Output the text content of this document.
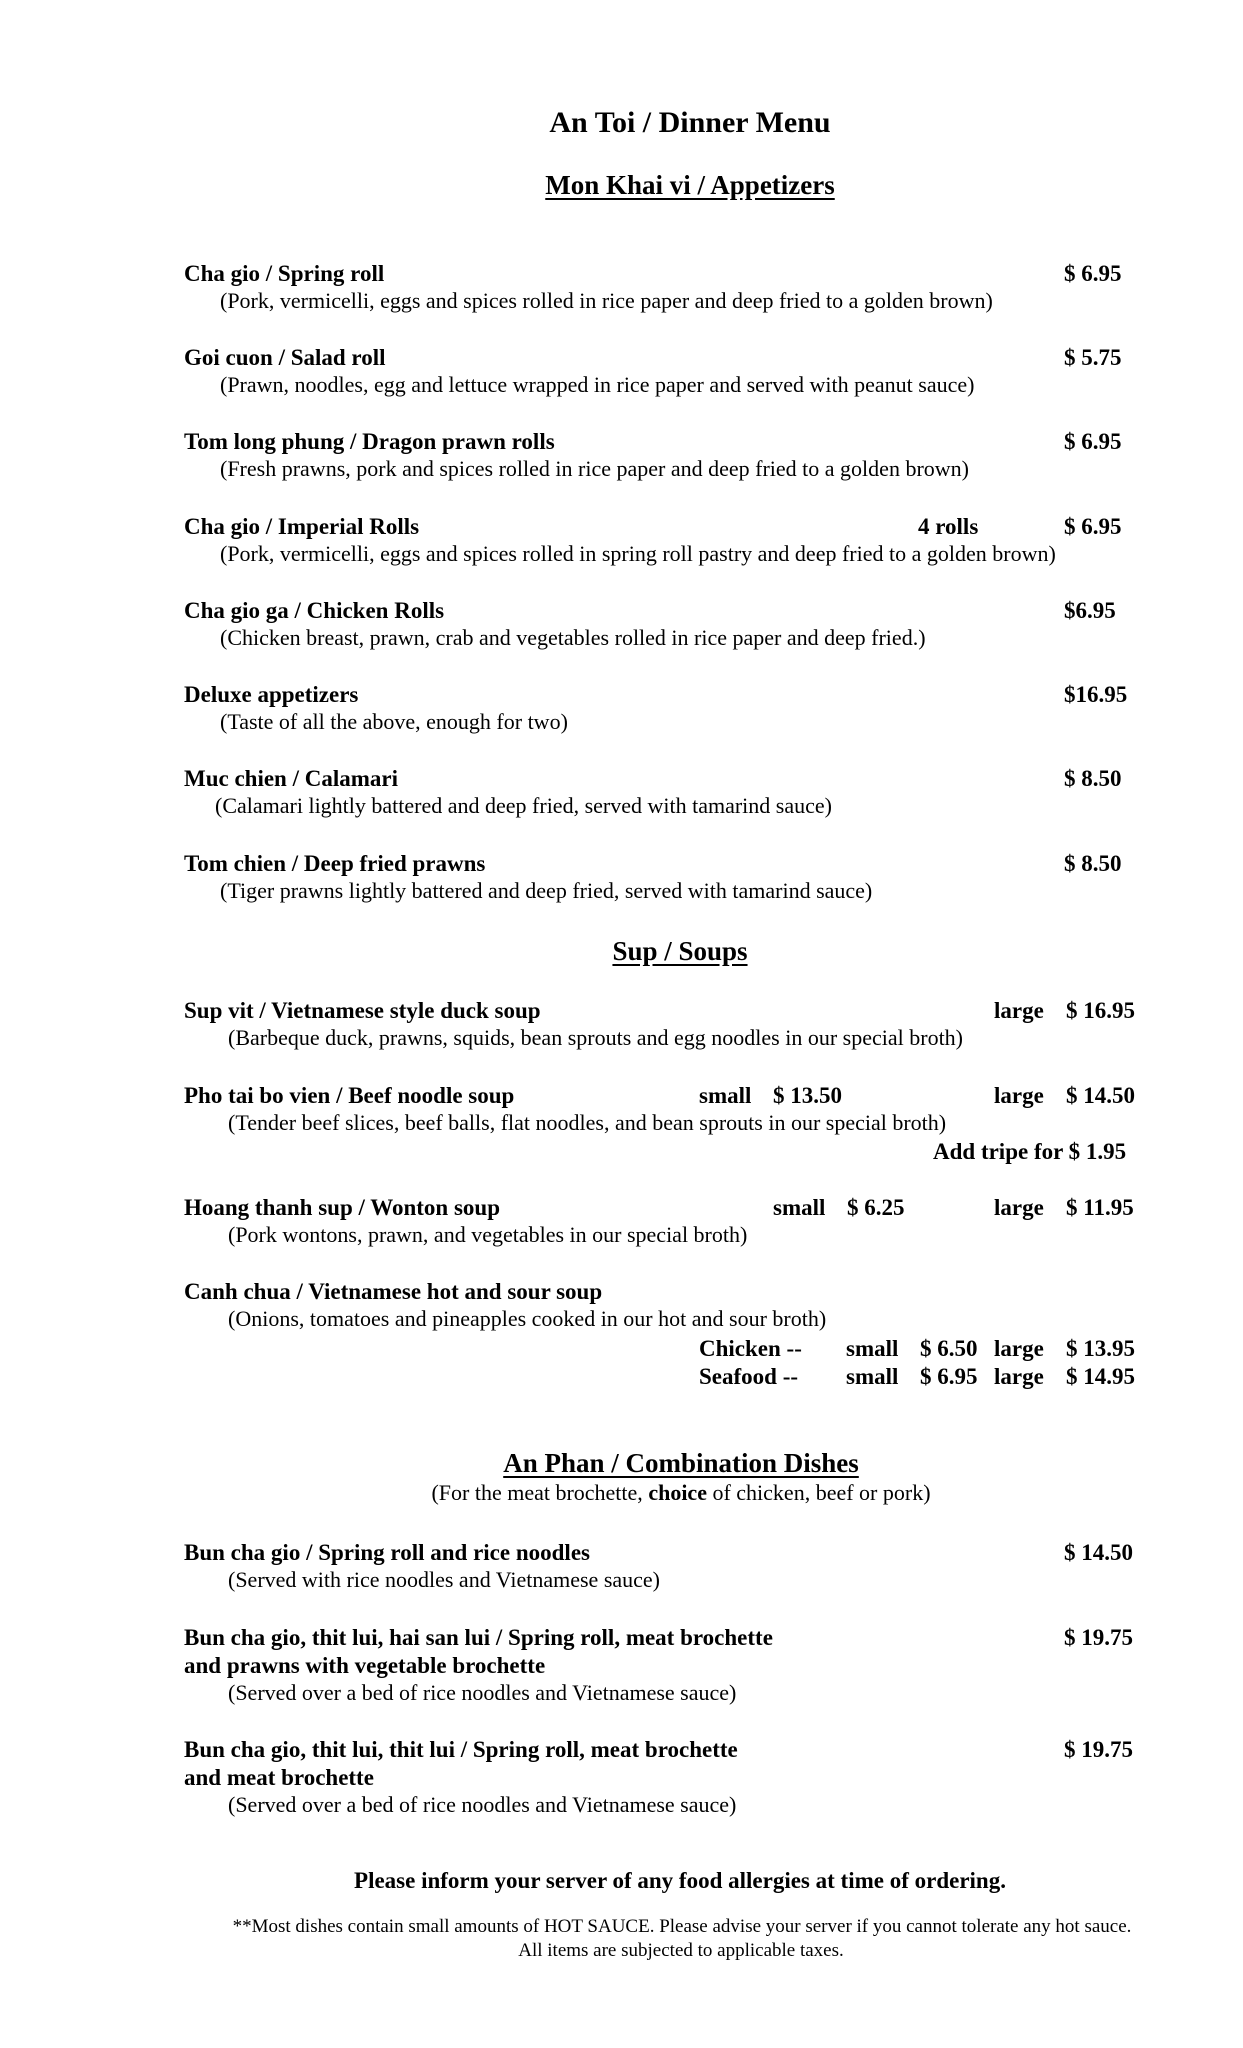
An Toi / Dinner Menu
Mon Khai vi / Appetizers
Cha gio / Spring roll	$ 6.95
(Pork, vermicelli, eggs and spices rolled in rice paper and deep fried to a golden brown)
Goi cuon / Salad roll	$ 5.75
(Prawn, noodles, egg and lettuce wrapped in rice paper and served with peanut sauce)
Tom long phung / Dragon prawn rolls	$ 6.95
(Fresh prawns, pork and spices rolled in rice paper and deep fried to a golden brown)
Cha gio / Imperial Rolls	4 rolls	$ 6.95
(Pork, vermicelli, eggs and spices rolled in spring roll pastry and deep fried to a golden brown)
Cha gio ga / Chicken Rolls	$6.95
(Chicken breast, prawn, crab and vegetables rolled in rice paper and deep fried.)
Deluxe appetizers	$16.95
(Taste of all the above, enough for two)
Muc chien / Calamari	$ 8.50
(Calamari lightly battered and deep fried, served with tamarind sauce)
Tom chien / Deep fried prawns	$ 8.50
(Tiger prawns lightly battered and deep fried, served with tamarind sauce)
Sup / Soups
Sup vit / Vietnamese style duck soup	large $ 16.95
(Barbeque duck, prawns, squids, bean sprouts and egg noodles in our special broth)
Pho tai bo vien / Beef noodle soup	small $ 13.50	large $ 14.50
(Tender beef slices, beef balls, flat noodles, and bean sprouts in our special broth)
Add tripe for $ 1.95
Hoang thanh sup / Wonton soup	small $ 6.25	large $ 11.95
(Pork wontons, prawn, and vegetables in our special broth)
Canh chua / Vietnamese hot and sour soup
(Onions, tomatoes and pineapples cooked in our hot and sour broth)
Chicken -- small $ 6.50 large $ 13.95
Seafood -- small $ 6.95 large $ 14.95
An Phan / Combination Dishes
(For the meat brochette, choice of chicken, beef or pork)
Bun cha gio / Spring roll and rice noodles	$ 14.50
(Served with rice noodles and Vietnamese sauce)
Bun cha gio, thit lui, hai san lui / Spring roll, meat brochette	$ 19.75
and prawns with vegetable brochette
(Served over a bed of rice noodles and Vietnamese sauce)
Bun cha gio, thit lui, thit lui / Spring roll, meat brochette	$ 19.75
and meat brochette
(Served over a bed of rice noodles and Vietnamese sauce)
Please inform your server of any food allergies at time of ordering.
**Most dishes contain small amounts of HOT SAUCE. Please advise your server if you cannot tolerate any hot sauce.
All items are subjected to applicable taxes.
